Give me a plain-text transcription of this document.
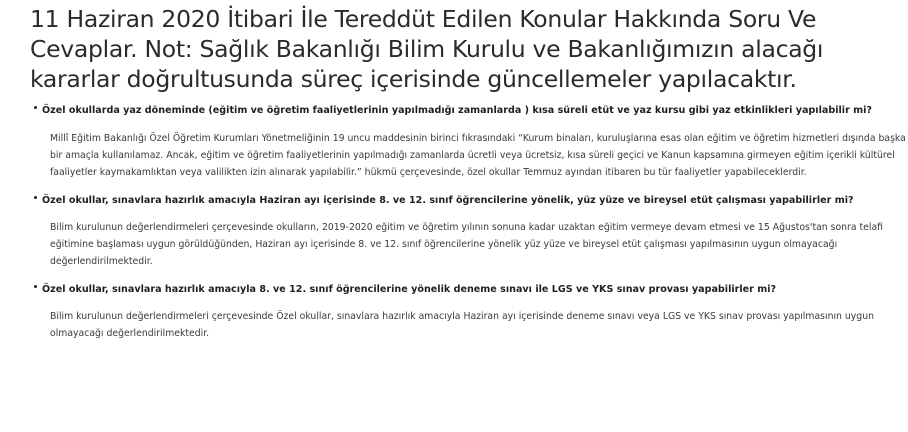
11 Haziran 2020 İtibari İle Tereddüt Edilen Konular Hakkında Soru Ve Cevaplar. Not: Sağlık Bakanlığı Bilim Kurulu ve Bakanlığımızın alacağı kararlar doğrultusunda süreç içerisinde güncellemeler yapılacaktır.

Özel okullarda yaz döneminde (eğitim ve öğretim faaliyetlerinin yapılmadığı zamanlarda ) kısa süreli etüt ve yaz kursu gibi yaz etkinlikleri yapılabilir mi?

Millî Eğitim Bakanlığı Özel Öğretim Kurumları Yönetmeliğinin 19 uncu maddesinin birinci fıkrasındaki “Kurum binaları, kuruluşlarına esas olan eğitim ve öğretim hizmetleri dışında başka bir amaçla kullanılamaz. Ancak, eğitim ve öğretim faaliyetlerinin yapılmadığı zamanlarda ücretli veya ücretsiz, kısa süreli geçici ve Kanun kapsamına girmeyen eğitim içerikli kültürel faaliyetler kaymakamlıktan veya valilikten izin alınarak yapılabilir.” hükmü çerçevesinde, özel okullar Temmuz ayından itibaren bu tür faaliyetler yapabileceklerdir.

Özel okullar, sınavlara hazırlık amacıyla Haziran ayı içerisinde 8. ve 12. sınıf öğrencilerine yönelik, yüz yüze ve bireysel etüt çalışması yapabilirler mi?

Bilim kurulunun değerlendirmeleri çerçevesinde okulların, 2019-2020 eğitim ve öğretim yılının sonuna kadar uzaktan eğitim vermeye devam etmesi ve 15 Ağustos'tan sonra telafi eğitimine başlaması uygun görüldüğünden, Haziran ayı içerisinde 8. ve 12. sınıf öğrencilerine yönelik yüz yüze ve bireysel etüt çalışması yapılmasının uygun olmayacağı değerlendirilmektedir.

Özel okullar, sınavlara hazırlık amacıyla 8. ve 12. sınıf öğrencilerine yönelik deneme sınavı ile LGS ve YKS sınav provası yapabilirler mi?

Bilim kurulunun değerlendirmeleri çerçevesinde Özel okullar, sınavlara hazırlık amacıyla Haziran ayı içerisinde deneme sınavı veya LGS ve YKS sınav provası yapılmasının uygun olmayacağı değerlendirilmektedir.
